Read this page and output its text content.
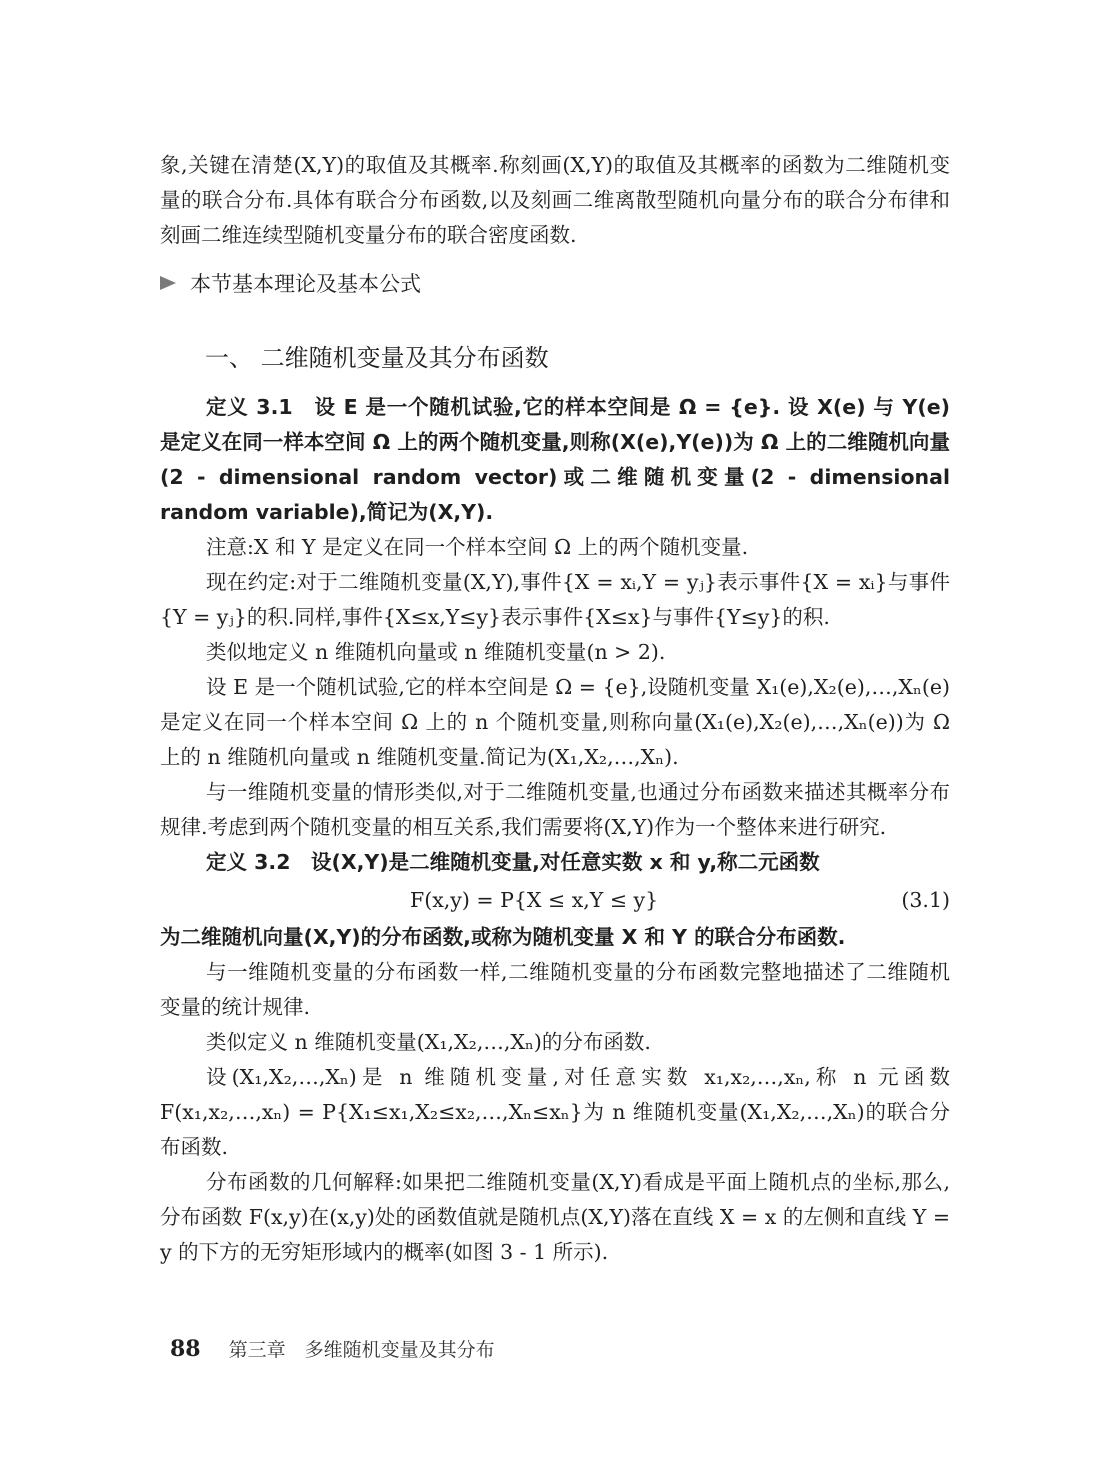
象,关键在清楚(X,Y)的取值及其概率.称刻画(X,Y)的取值及其概率的函数为二维随机变量的联合分布.具体有联合分布函数,以及刻画二维离散型随机向量分布的联合分布律和刻画二维连续型随机变量分布的联合密度函数.

本节基本理论及基本公式
一、 二维随机变量及其分布函数

定义 3.1　设 E 是一个随机试验,它的样本空间是 Ω = {e}. 设 X(e) 与 Y(e) 是定义在同一样本空间 Ω 上的两个随机变量,则称(X(e),Y(e))为 Ω 上的二维随机向量(2 - dimensional random vector)或二维随机变量(2 - dimensional random variable),简记为(X,Y).

注意:X 和 Y 是定义在同一个样本空间 Ω 上的两个随机变量.

现在约定:对于二维随机变量(X,Y),事件{X = xᵢ,Y = yⱼ}表示事件{X = xᵢ}与事件{Y = yⱼ}的积.同样,事件{X≤x,Y≤y}表示事件{X≤x}与事件{Y≤y}的积.

类似地定义 n 维随机向量或 n 维随机变量(n > 2).

设 E 是一个随机试验,它的样本空间是 Ω = {e},设随机变量 X₁(e),X₂(e),…,Xₙ(e)是定义在同一个样本空间 Ω 上的 n 个随机变量,则称向量(X₁(e),X₂(e),…,Xₙ(e))为 Ω 上的 n 维随机向量或 n 维随机变量.简记为(X₁,X₂,…,Xₙ).

与一维随机变量的情形类似,对于二维随机变量,也通过分布函数来描述其概率分布规律.考虑到两个随机变量的相互关系,我们需要将(X,Y)作为一个整体来进行研究.

定义 3.2　设(X,Y)是二维随机变量,对任意实数 x 和 y,称二元函数

F(x,y) = P{X ≤ x,Y ≤ y}	(3.1)

为二维随机向量(X,Y)的分布函数,或称为随机变量 X 和 Y 的联合分布函数.

与一维随机变量的分布函数一样,二维随机变量的分布函数完整地描述了二维随机变量的统计规律.

类似定义 n 维随机变量(X₁,X₂,…,Xₙ)的分布函数.

设(X₁,X₂,…,Xₙ)是 n 维随机变量,对任意实数 x₁,x₂,…,xₙ,称 n 元函数 F(x₁,x₂,…,xₙ) = P{X₁≤x₁,X₂≤x₂,…,Xₙ≤xₙ}为 n 维随机变量(X₁,X₂,…,Xₙ)的联合分布函数.

分布函数的几何解释:如果把二维随机变量(X,Y)看成是平面上随机点的坐标,那么,分布函数 F(x,y)在(x,y)处的函数值就是随机点(X,Y)落在直线 X = x 的左侧和直线 Y = y 的下方的无穷矩形域内的概率(如图 3 - 1 所示).

88 第三章　多维随机变量及其分布
